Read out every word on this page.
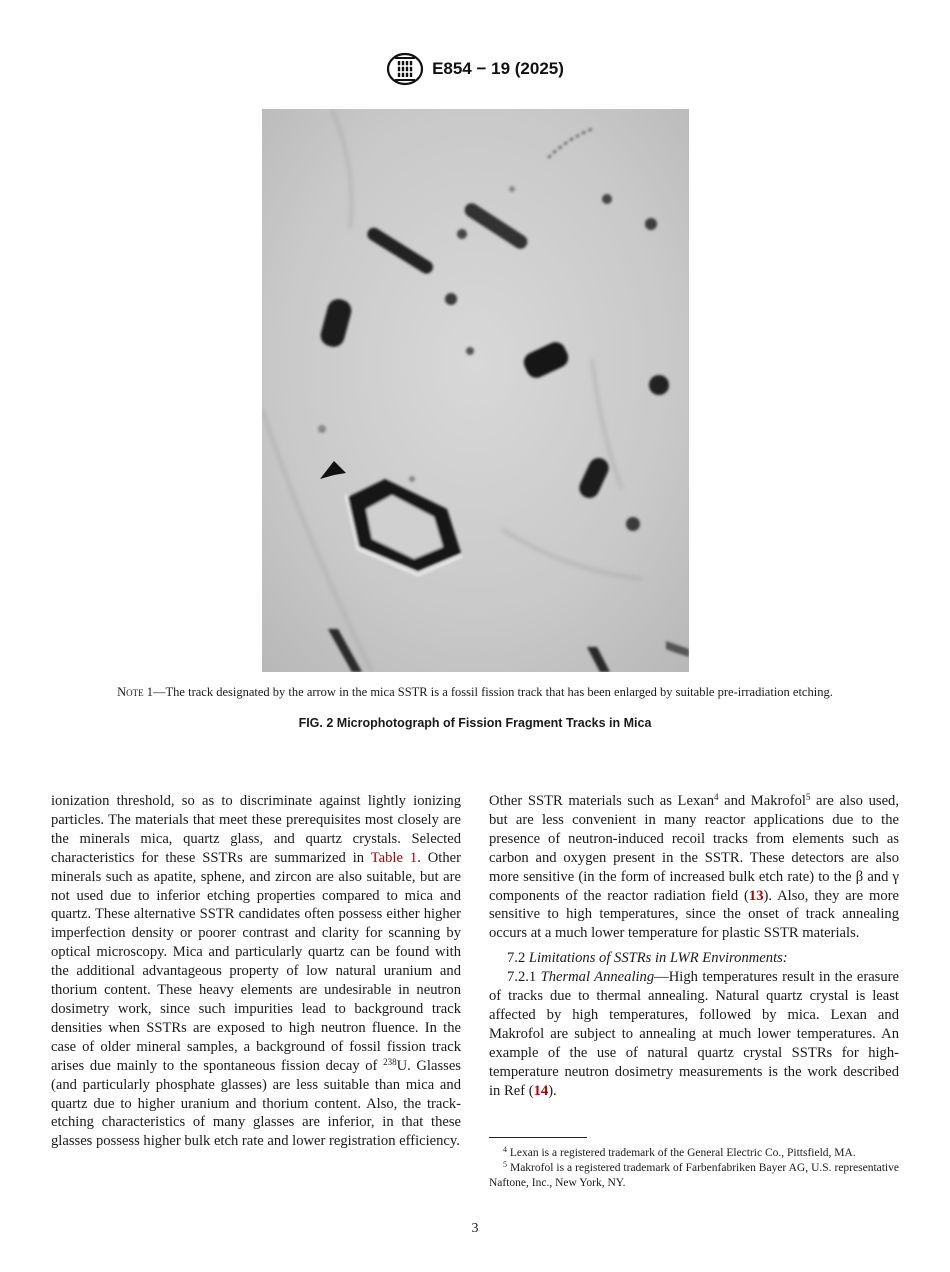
E854 − 19 (2025)
Note 1—The track designated by the arrow in the mica SSTR is a fossil fission track that has been enlarged by suitable pre-irradiation etching.
FIG. 2 Microphotograph of Fission Fragment Tracks in Mica

ionization threshold, so as to discriminate against lightly ionizing particles. The materials that meet these prerequisites most closely are the minerals mica, quartz glass, and quartz crystals. Selected characteristics for these SSTRs are summarized in Table 1. Other minerals such as apatite, sphene, and zircon are also suitable, but are not used due to inferior etching properties compared to mica and quartz. These alternative SSTR candidates often possess either higher imperfection density or poorer contrast and clarity for scanning by optical microscopy. Mica and particularly quartz can be found with the additional advantageous property of low natural uranium and thorium content. These heavy elements are undesirable in neutron dosimetry work, since such impurities lead to background track densities when SSTRs are exposed to high neutron fluence. In the case of older mineral samples, a background of fossil fission track arises due mainly to the spontaneous fission decay of $^{238}$U. Glasses (and particularly phosphate glasses) are less suitable than mica and quartz due to higher uranium and thorium content. Also, the track-etching characteristics of many glasses are inferior, in that these glasses possess higher bulk etch rate and lower registration efficiency.

Other SSTR materials such as Lexan$^4$ and Makrofol$^5$ are also used, but are less convenient in many reactor applications due to the presence of neutron-induced recoil tracks from elements such as carbon and oxygen present in the SSTR. These detectors are also more sensitive (in the form of increased bulk etch rate) to the β and γ components of the reactor radiation field (13). Also, they are more sensitive to high temperatures, since the onset of track annealing occurs at a much lower temperature for plastic SSTR materials.

7.2 Limitations of SSTRs in LWR Environments:

7.2.1 Thermal Annealing—High temperatures result in the erasure of tracks due to thermal annealing. Natural quartz crystal is least affected by high temperatures, followed by mica. Lexan and Makrofol are subject to annealing at much lower temperatures. An example of the use of natural quartz crystal SSTRs for high-temperature neutron dosimetry measurements is the work described in Ref (14).

$^4$ Lexan is a registered trademark of the General Electric Co., Pittsfield, MA.

$^5$ Makrofol is a registered trademark of Farbenfabriken Bayer AG, U.S. representative Naftone, Inc., New York, NY.

3
